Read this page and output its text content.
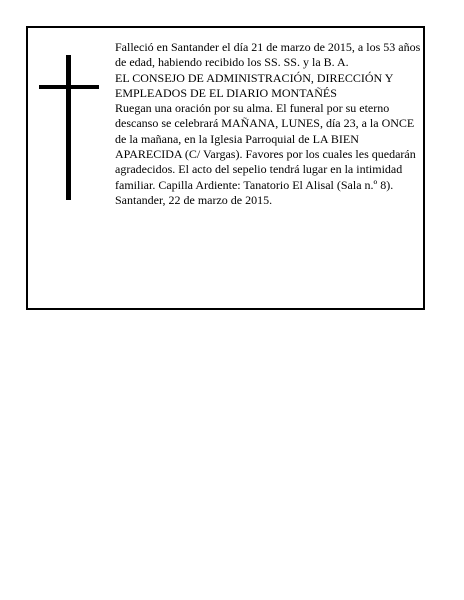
Falleció en Santander el día 21 de marzo de 2015, a los 53 años de edad, habiendo recibido los SS. SS. y la B. A.

EL CONSEJO DE ADMINISTRACIÓN, DIRECCIÓN Y EMPLEADOS DE EL DIARIO MONTAÑÉS

Ruegan una oración por su alma. El funeral por su eterno descanso se celebrará MAÑANA, LUNES, día 23, a la ONCE de la mañana, en la Iglesia Parroquial de LA BIEN APARECIDA (C/ Vargas). Favores por los cuales les quedarán agradecidos. El acto del sepelio tendrá lugar en la intimidad familiar. Capilla Ardiente: Tanatorio El Alisal (Sala n.º 8).

Santander, 22 de marzo de 2015.
